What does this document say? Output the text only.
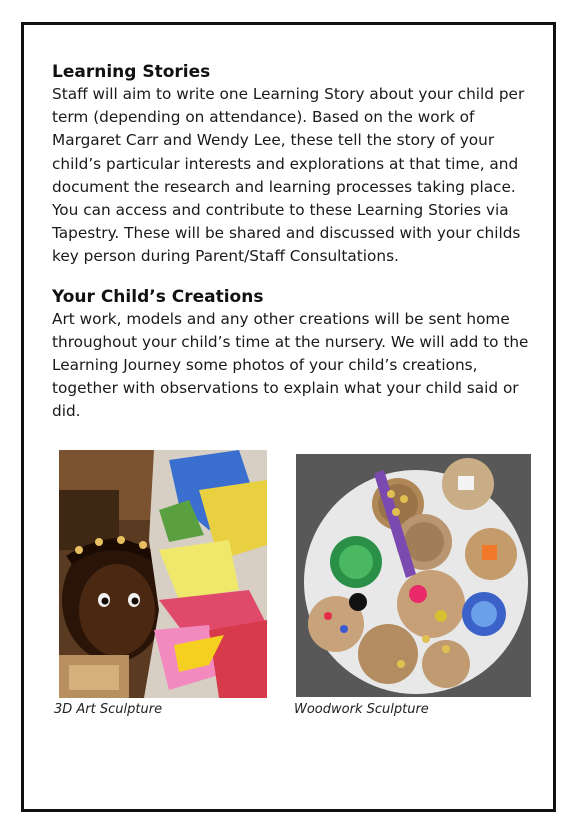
Learning Stories

Staff will aim to write one Learning Story about your child per term (depending on attendance). Based on the work of Margaret Carr and Wendy Lee, these tell the story of your child’s particular interests and explorations at that time, and document the research and learning processes taking place. You can access and contribute to these Learning Stories via Tapestry. These will be shared and discussed with your childs key person during Parent/Staff Consultations.

Your Child’s Creations

Art work, models and any other creations will be sent home throughout your child’s time at the nursery. We will add to the Learning Journey some photos of your child’s creations, together with observations to explain what your child said or did.

3D Art Sculpture	Woodwork Sculpture
